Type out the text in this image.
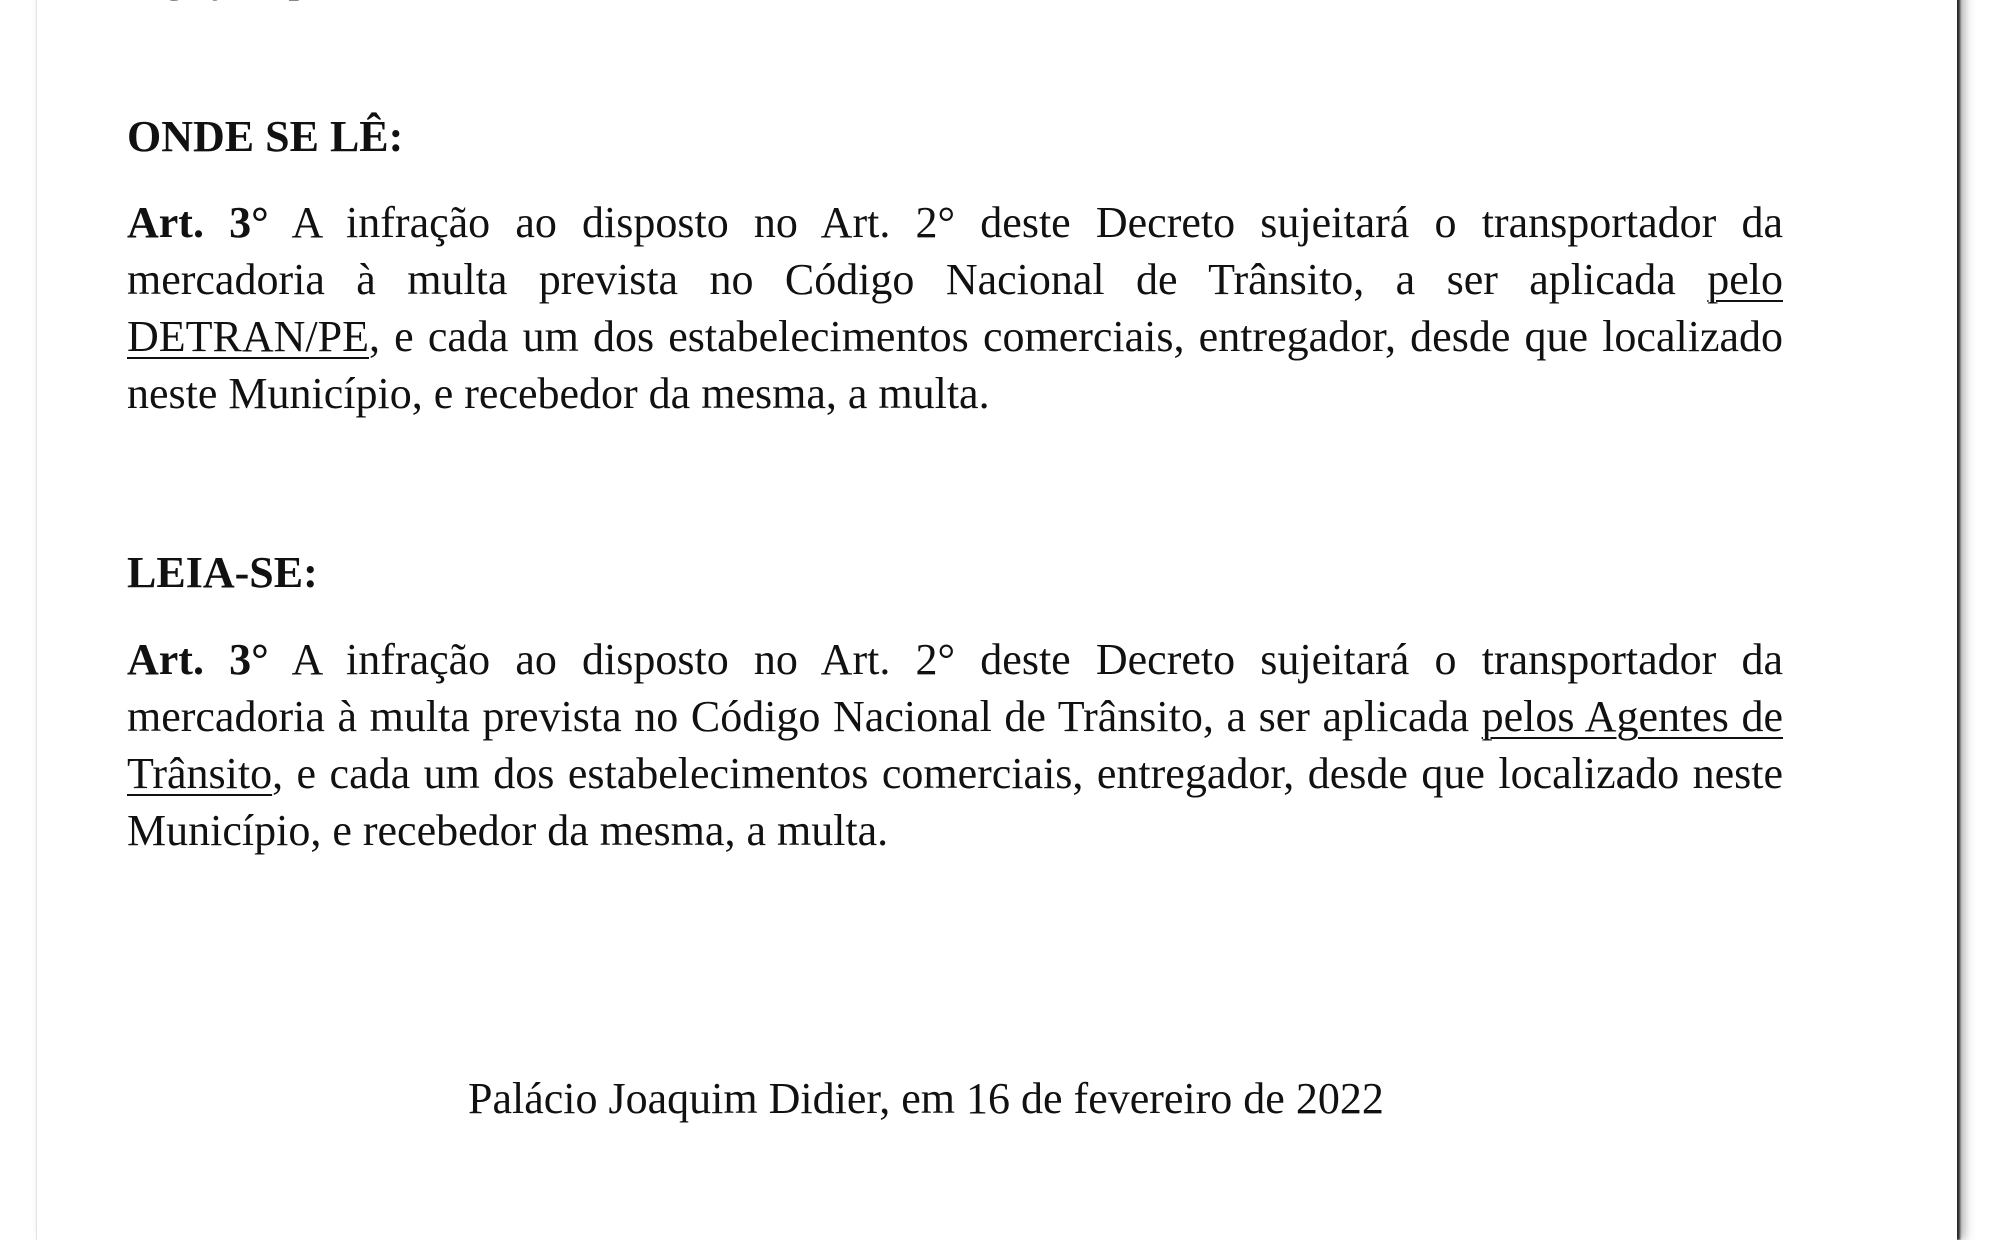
ONDE SE LÊ:

Art. 3° A infração ao disposto no Art. 2° deste Decreto sujeitará o transportador da mercadoria à multa prevista no Código Nacional de Trânsito, a ser aplicada pelo DETRAN/PE, e cada um dos estabelecimentos comerciais, entregador, desde que localizado neste Município, e recebedor da mesma, a multa.

LEIA-SE:

Art. 3° A infração ao disposto no Art. 2° deste Decreto sujeitará o transportador da mercadoria à multa prevista no Código Nacional de Trânsito, a ser aplicada pelos Agentes de Trânsito, e cada um dos estabelecimentos comerciais, entregador, desde que localizado neste Município, e recebedor da mesma, a multa.

Palácio Joaquim Didier, em 16 de fevereiro de 2022
